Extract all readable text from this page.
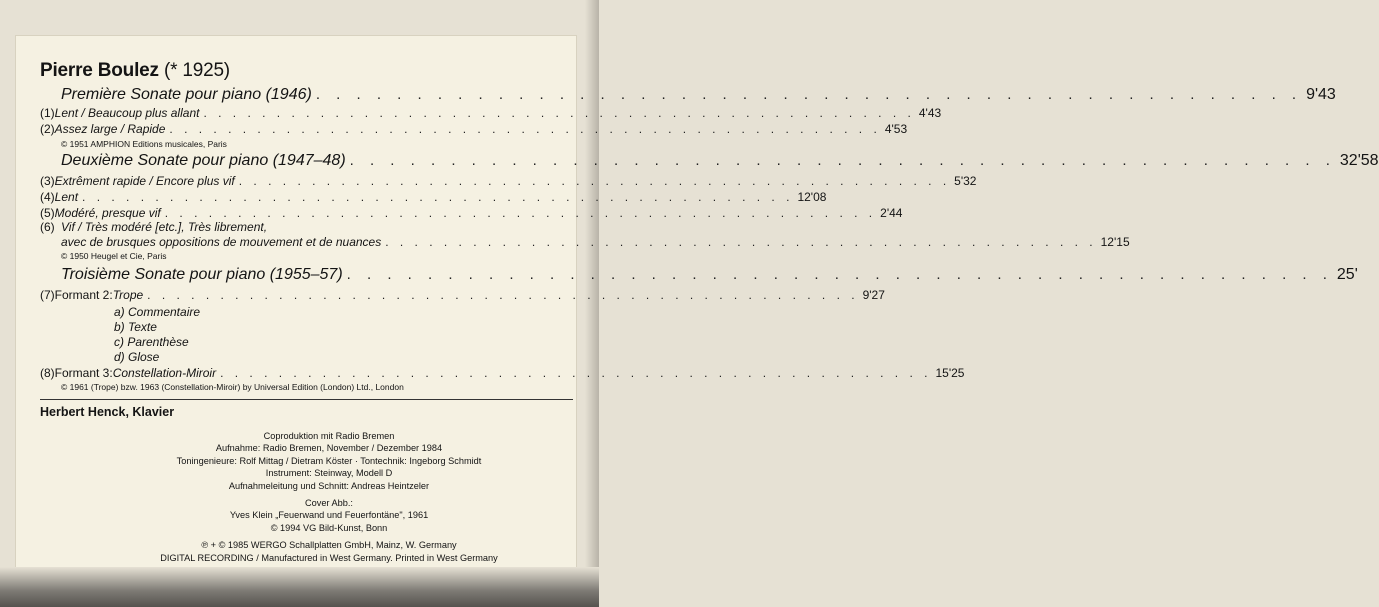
Pierre Boulez (* 1925)
Première Sonate pour piano (1946) . . . . . . . . . . . . . . . . . . . . . . . . . . . . . . . . . . . . . . . . . . . . . . . . . 9'43
(1) Lent / Beaucoup plus allant . . . . . . . . . . . . . . . . . . . . . . . . . . . . . . . . . . . . . . . . . . . . . . . . . 4'43
(2) Assez large / Rapide . . . . . . . . . . . . . . . . . . . . . . . . . . . . . . . . . . . . . . . . . . . . . . . . . 4'53
© 1951 AMPHION Editions musicales, Paris
Deuxième Sonate pour piano (1947–48) . . . . . . . . . . . . . . . . . . . . . . . . . . . . . . . . . . . . . . . . . . . . . . . . . 32'58
(3) Extrêment rapide / Encore plus vif . . . . . . . . . . . . . . . . . . . . . . . . . . . . . . . . . . . . . . . . . . . . . . . . . 5'32
(4) Lent . . . . . . . . . . . . . . . . . . . . . . . . . . . . . . . . . . . . . . . . . . . . . . . . . 12'08
(5) Modéré, presque vif . . . . . . . . . . . . . . . . . . . . . . . . . . . . . . . . . . . . . . . . . . . . . . . . . 2'44
(6) Vif / Très modéré [etc.], Très librement,
avec de brusques oppositions de mouvement et de nuances . . . . . . . . . . . . . . . . . . . . . . . . . . . . . . . . . . . . . . . . . . . . . . . . . 12'15
© 1950 Heugel et Cie, Paris
Troisième Sonate pour piano (1955–57) . . . . . . . . . . . . . . . . . . . . . . . . . . . . . . . . . . . . . . . . . . . . . . . . . 25'
(7) Formant 2: Trope . . . . . . . . . . . . . . . . . . . . . . . . . . . . . . . . . . . . . . . . . . . . . . . . . 9'27
a) Commentaire
b) Texte
c) Parenthèse
d) Glose
(8) Formant 3: Constellation-Miroir . . . . . . . . . . . . . . . . . . . . . . . . . . . . . . . . . . . . . . . . . . . . . . . . . 15'25
© 1961 (Trope) bzw. 1963 (Constellation-Miroir) by Universal Edition (London) Ltd., London
Herbert Henck, Klavier
Coproduktion mit Radio Bremen
Aufnahme: Radio Bremen, November / Dezember 1984
Toningenieure: Rolf Mittag / Dietram Köster · Tontechnik: Ingeborg Schmidt
Instrument: Steinway, Modell D
Aufnahmeleitung und Schnitt: Andreas Heintzeler
Cover Abb.:
Yves Klein „Feuerwand und Feuerfontäne", 1961
© 1994 VG Bild-Kunst, Bonn
℗ + © 1985 WERGO Schallplatten GmbH, Mainz, W. Germany
DIGITAL RECORDING / Manufactured in West Germany. Printed in West Germany
